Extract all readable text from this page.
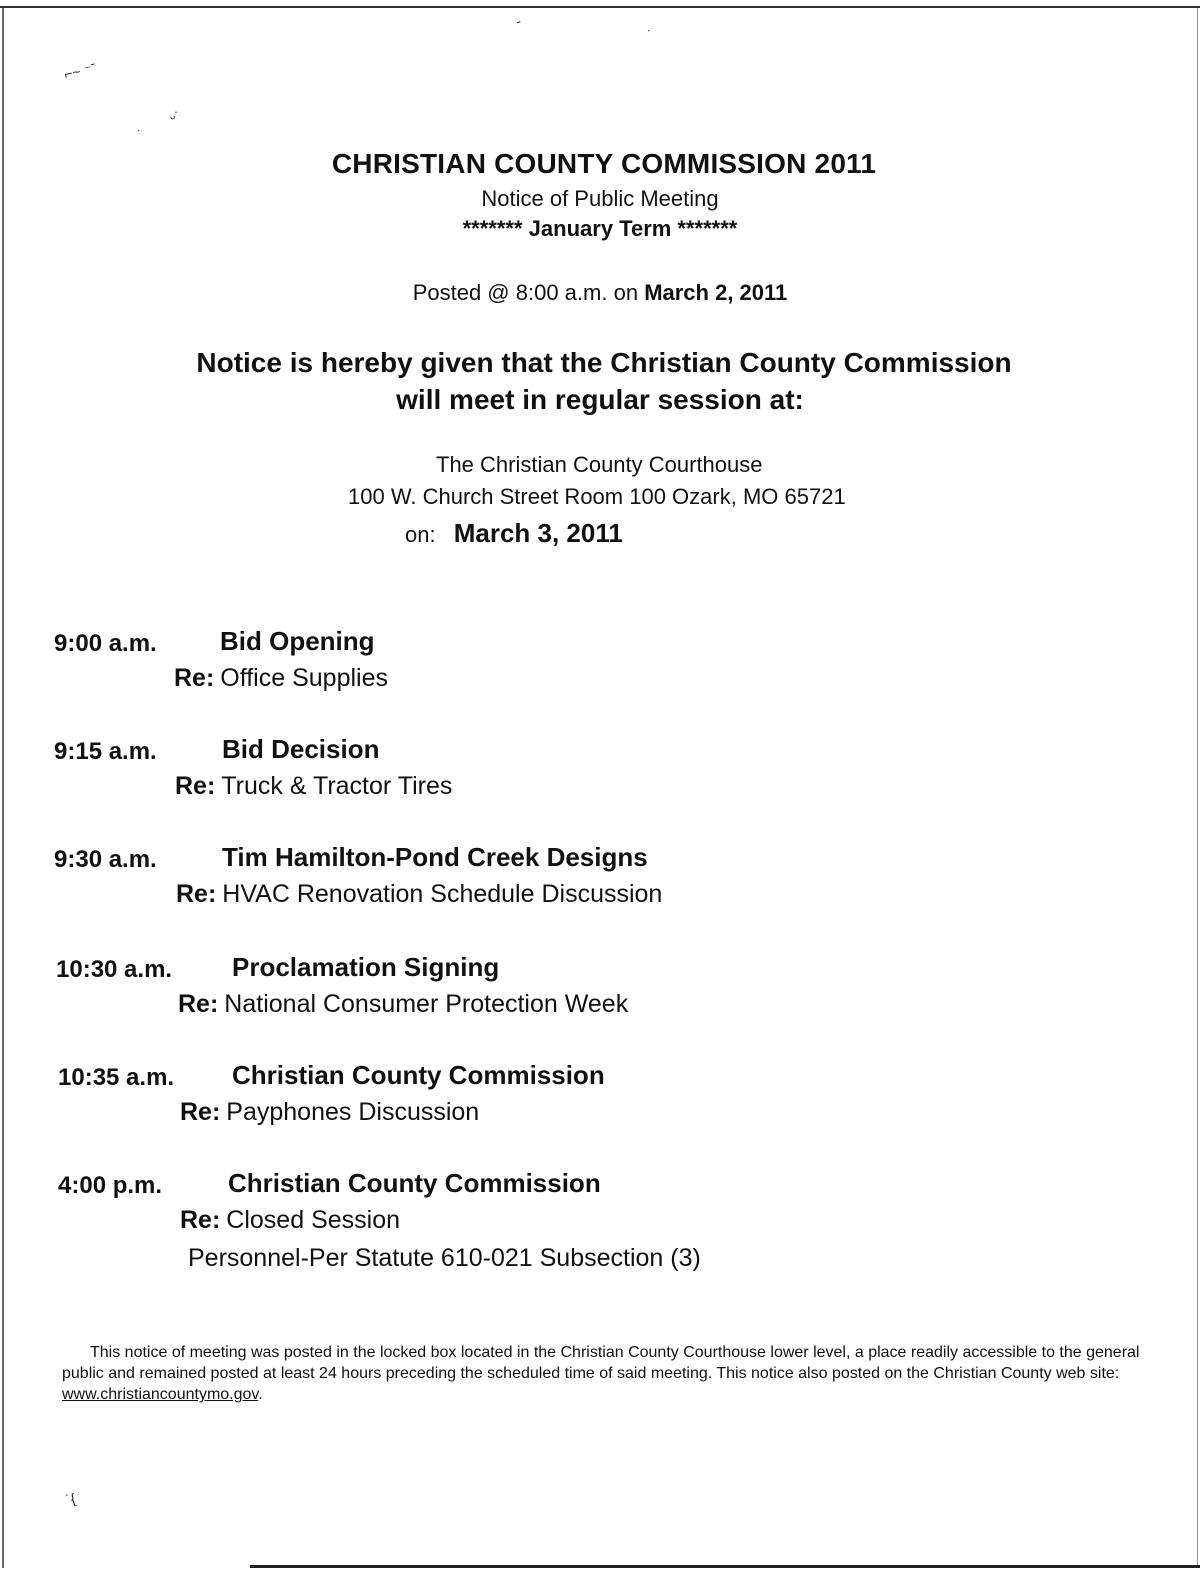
⌐~ ⁻ˉ
ᵕ˙
˙
-
˙
CHRISTIAN COUNTY COMMISSION 2011
Notice of Public Meeting
******* January Term *******
Posted @ 8:00 a.m. on March 2, 2011
Notice is hereby given that the Christian County Commission
will meet in regular session at:
The Christian County Courthouse
100 W. Church Street Room 100 Ozark, MO 65721
on: March 3, 2011
9:00 a.m. Bid Opening
Re: Office Supplies
9:15 a.m.	Bid Decision
Re: Truck & Tractor Tires
9:30 a.m.	Tim Hamilton-Pond Creek Designs
Re: HVAC Renovation Schedule Discussion
10:30 a.m. Proclamation Signing
Re: National Consumer Protection Week
10:35 a.m. Christian County Commission
Re: Payphones Discussion
4:00 p.m.	Christian County Commission
Re: Closed Session
Personnel-Per Statute 610-021 Subsection (3)
This notice of meeting was posted in the locked box located in the Christian County Courthouse lower level, a place readily accessible to the general public and remained posted at least 24 hours preceding the scheduled time of said meeting. This notice also posted on the Christian County web site: www.christiancountymo.gov.
˙{
